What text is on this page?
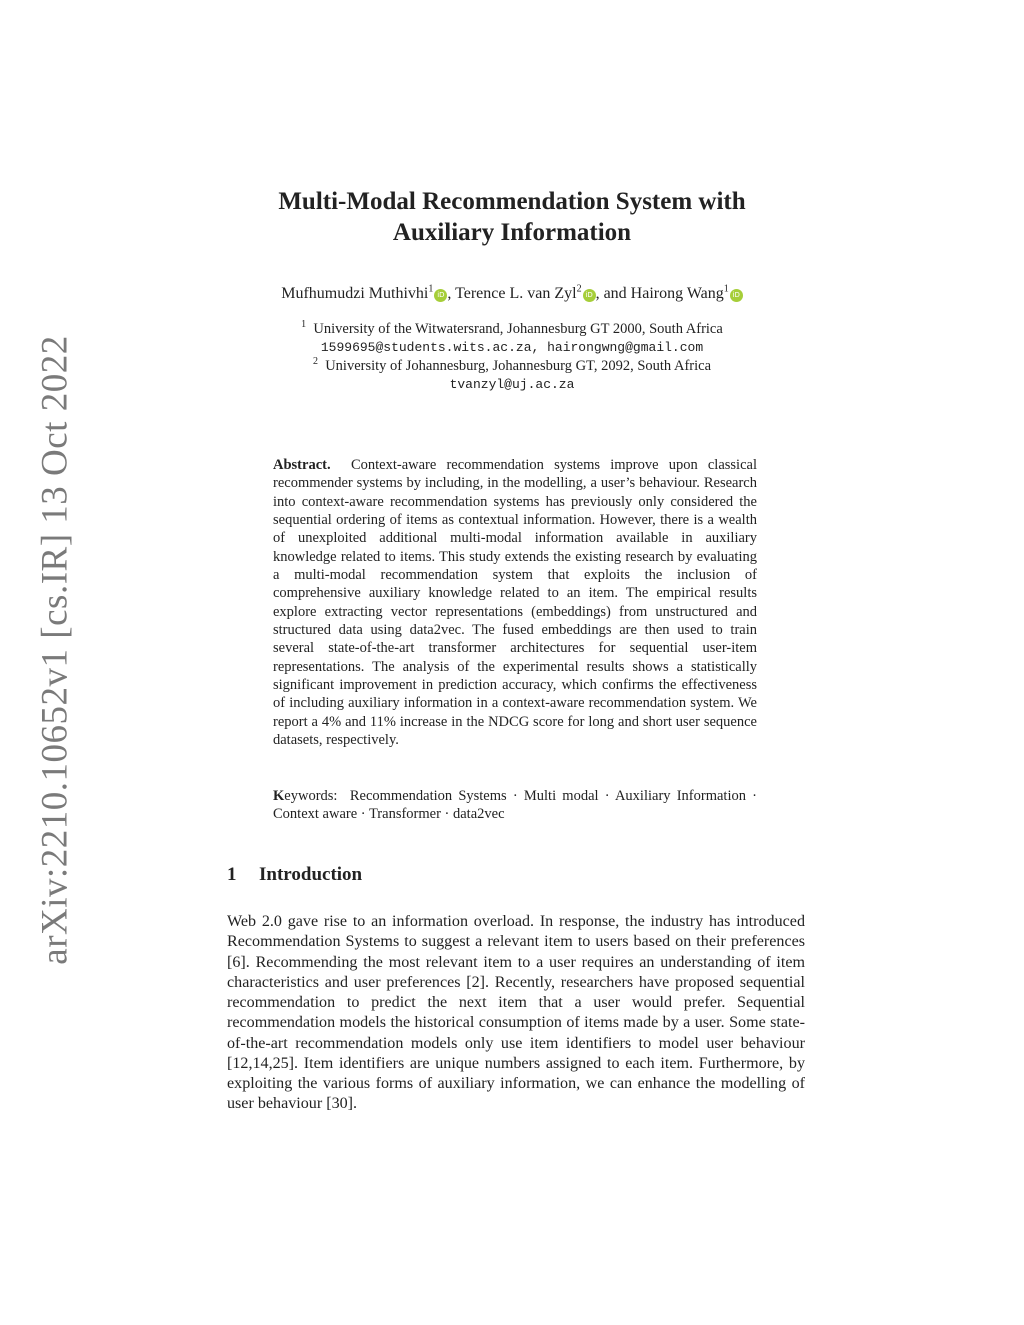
arXiv:2210.10652v1 [cs.IR] 13 Oct 2022
Multi-Modal Recommendation System with
Auxiliary Information
Mufhumudzi Muthivhi$^1$iD , Terence L. van Zyl$^2$iD , and Hairong Wang$^1$iD
$^1$ University of the Witwatersrand, Johannesburg GT 2000, South Africa
1599695@students.wits.ac.za, hairongwng@gmail.com
$^2$ University of Johannesburg, Johannesburg GT, 2092, South Africa
tvanzyl@uj.ac.za

Abstract. Context-aware recommendation systems improve upon classical recommender systems by including, in the modelling, a user’s behaviour. Research into context-aware recommendation systems has previously only considered the sequential ordering of items as contextual information. However, there is a wealth of unexploited additional multi-modal information available in auxiliary knowledge related to items. This study extends the existing research by evaluating a multi-modal recommendation system that exploits the inclusion of comprehensive auxiliary knowledge related to an item. The empirical results explore extracting vector representations (embeddings) from unstructured and structured data using data2vec. The fused embeddings are then used to train several state-of-the-art transformer architectures for sequential user-item representations. The analysis of the experimental results shows a statistically significant improvement in prediction accuracy, which confirms the effectiveness of including auxiliary information in a context-aware recommendation system. We report a 4% and 11% increase in the NDCG score for long and short user sequence datasets, respectively.

Keywords: Recommendation Systems · Multi modal · Auxiliary Information · Context aware · Transformer · data2vec
1 Introduction

Web 2.0 gave rise to an information overload. In response, the industry has introduced Recommendation Systems to suggest a relevant item to users based on their preferences [6]. Recommending the most relevant item to a user requires an understanding of item characteristics and user preferences [2]. Recently, researchers have proposed sequential recommendation to predict the next item that a user would prefer. Sequential recommendation models the historical consumption of items made by a user. Some state-of-the-art recommendation models only use item identifiers to model user behaviour [12,14,25]. Item identifiers are unique numbers assigned to each item. Furthermore, by exploiting the various forms of auxiliary information, we can enhance the modelling of user behaviour [30].
